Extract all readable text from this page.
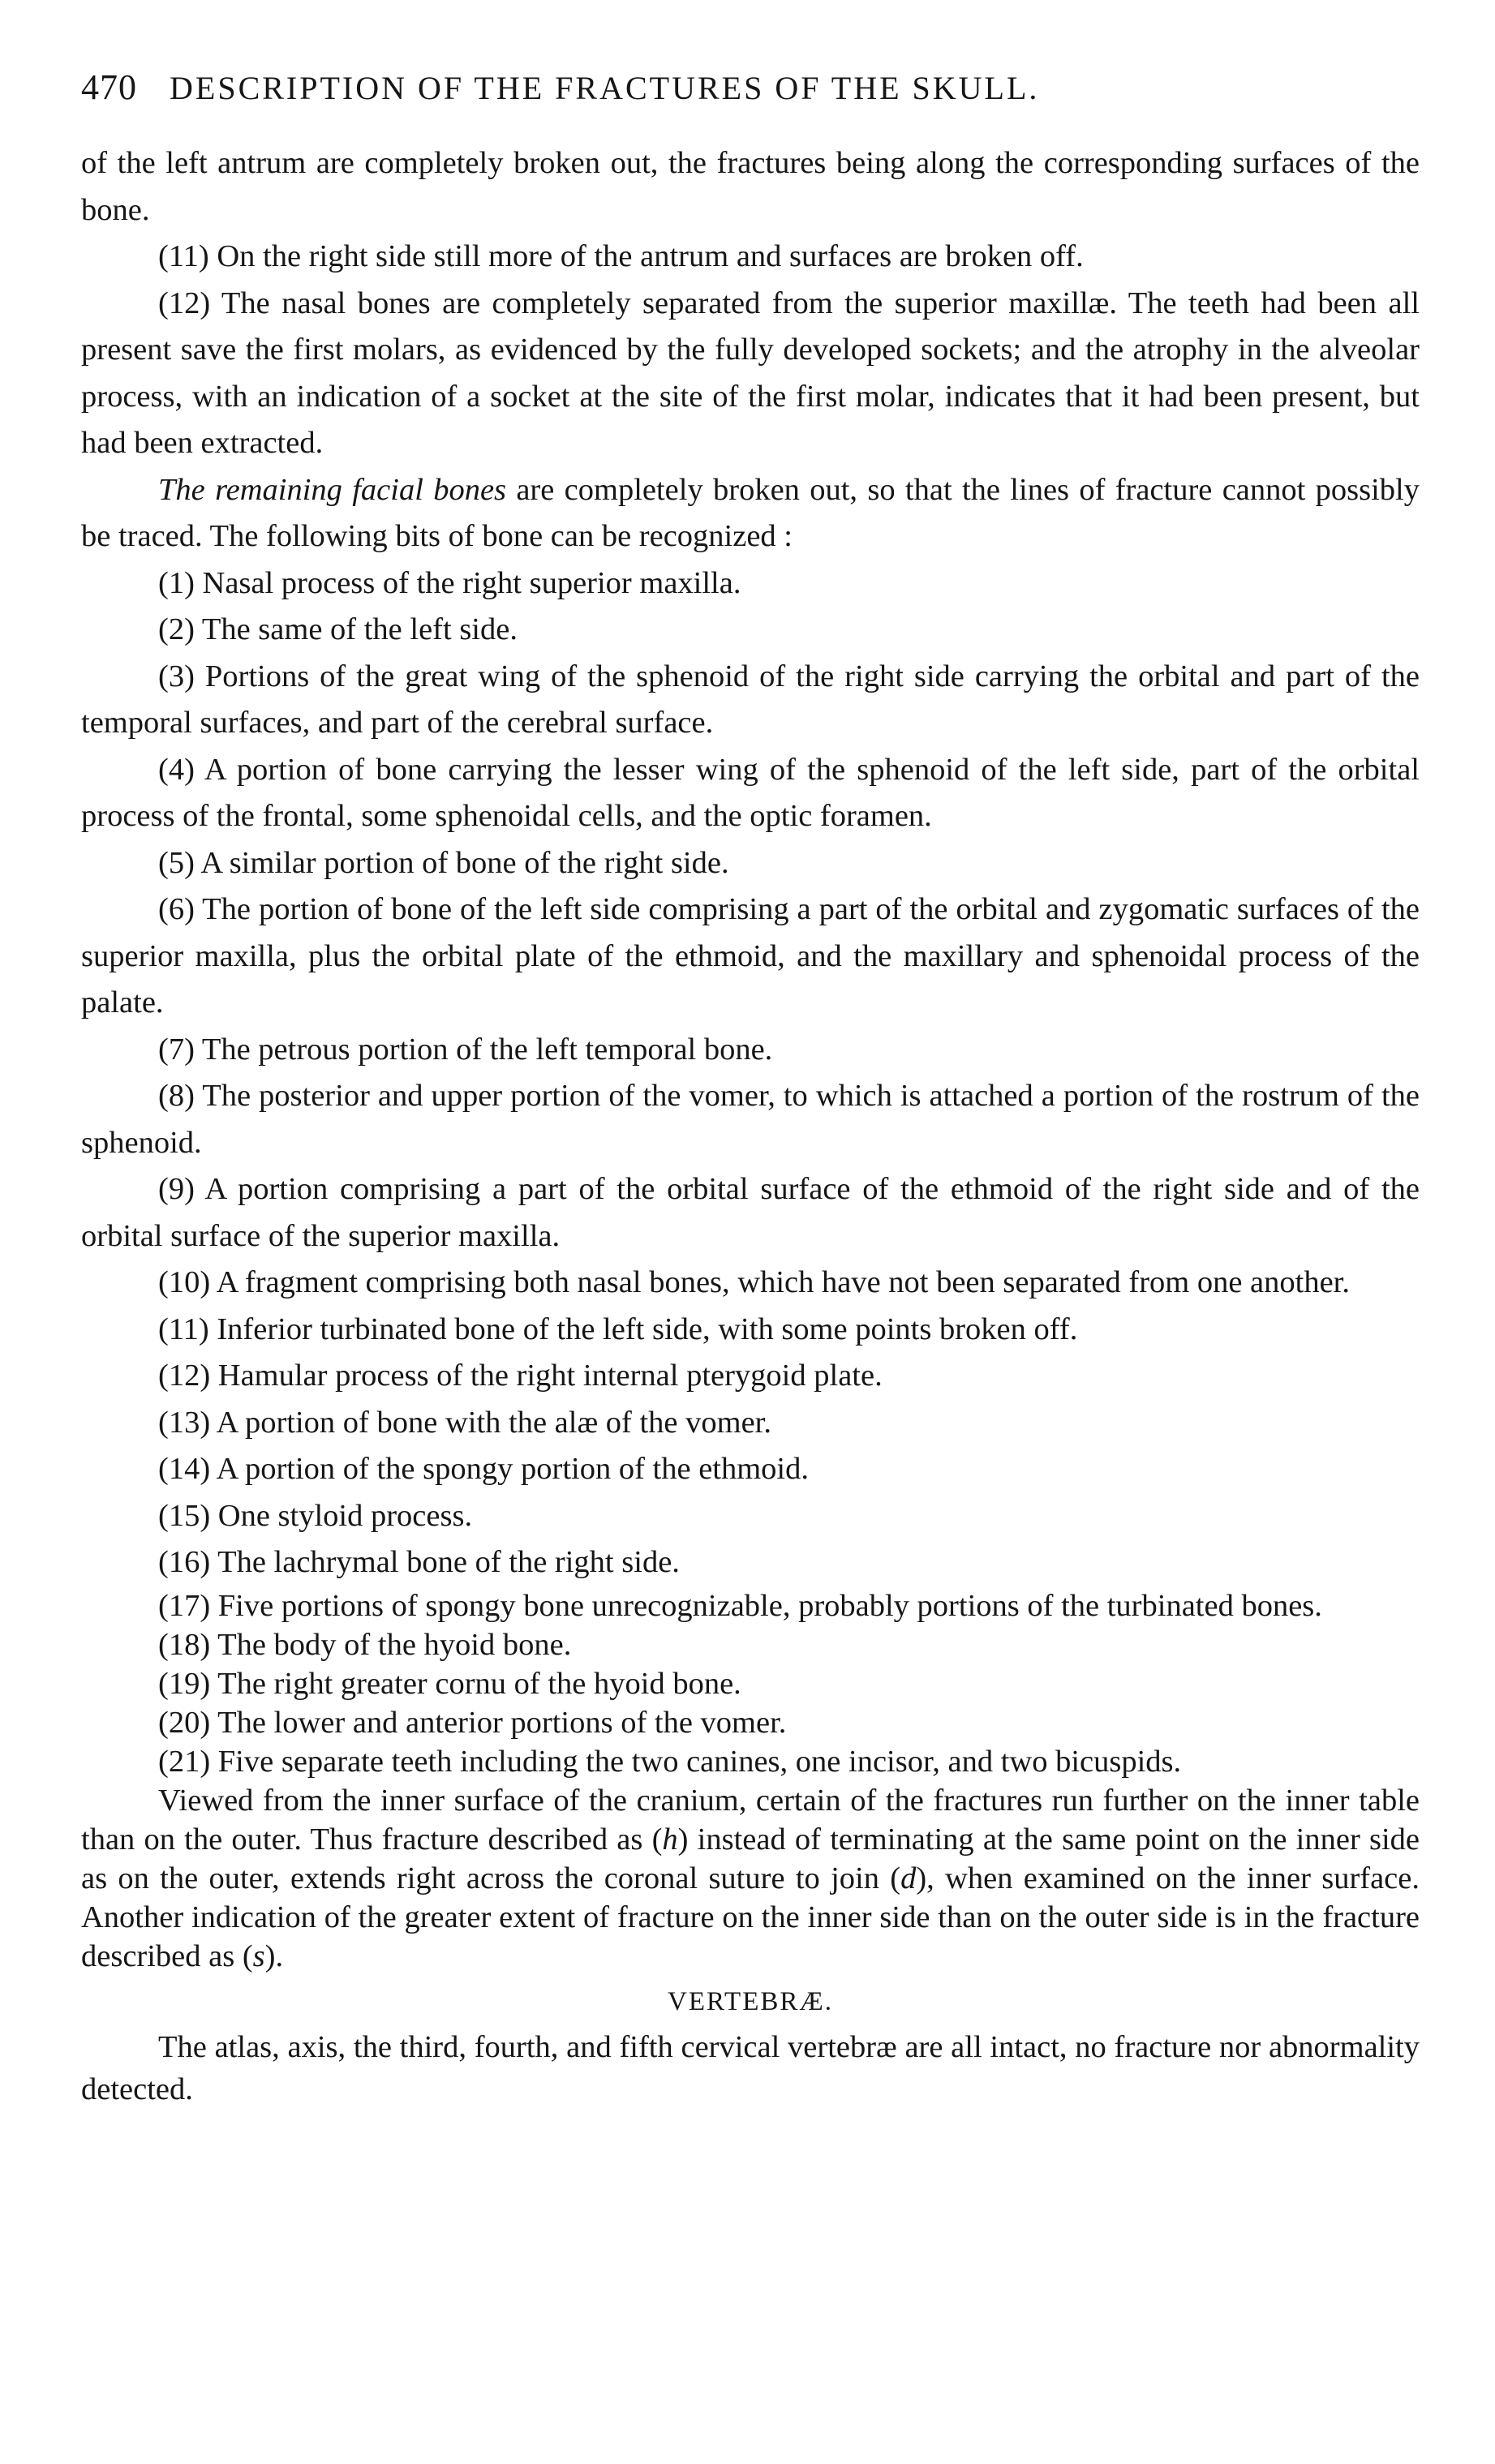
470 DESCRIPTION OF THE FRACTURES OF THE SKULL.

of the left antrum are completely broken out, the fractures being along the corresponding surfaces of the bone.

(11) On the right side still more of the antrum and surfaces are broken off.

(12) The nasal bones are completely separated from the superior maxillæ. The teeth had been all present save the first molars, as evidenced by the fully developed sockets; and the atrophy in the alveolar process, with an indication of a socket at the site of the first molar, indicates that it had been present, but had been extracted.

The remaining facial bones are completely broken out, so that the lines of fracture cannot possibly be traced. The following bits of bone can be recognized :

(1) Nasal process of the right superior maxilla.

(2) The same of the left side.

(3) Portions of the great wing of the sphenoid of the right side carrying the orbital and part of the temporal surfaces, and part of the cerebral surface.

(4) A portion of bone carrying the lesser wing of the sphenoid of the left side, part of the orbital process of the frontal, some sphenoidal cells, and the optic foramen.

(5) A similar portion of bone of the right side.

(6) The portion of bone of the left side comprising a part of the orbital and zygomatic surfaces of the superior maxilla, plus the orbital plate of the ethmoid, and the maxillary and sphenoidal process of the palate.

(7) The petrous portion of the left temporal bone.

(8) The posterior and upper portion of the vomer, to which is attached a portion of the rostrum of the sphenoid.

(9) A portion comprising a part of the orbital surface of the ethmoid of the right side and of the orbital surface of the superior maxilla.

(10) A fragment comprising both nasal bones, which have not been separated from one another.

(11) Inferior turbinated bone of the left side, with some points broken off.

(12) Hamular process of the right internal pterygoid plate.

(13) A portion of bone with the alæ of the vomer.

(14) A portion of the spongy portion of the ethmoid.

(15) One styloid process.

(16) The lachrymal bone of the right side.

(17) Five portions of spongy bone unrecognizable, probably portions of the turbinated bones.

(18) The body of the hyoid bone.

(19) The right greater cornu of the hyoid bone.

(20) The lower and anterior portions of the vomer.

(21) Five separate teeth including the two canines, one incisor, and two bicuspids.

Viewed from the inner surface of the cranium, certain of the fractures run further on the inner table than on the outer. Thus fracture described as (h) instead of terminating at the same point on the inner side as on the outer, extends right across the coronal suture to join (d), when examined on the inner surface. Another indication of the greater extent of fracture on the inner side than on the outer side is in the fracture described as (s).

VERTEBRÆ.

The atlas, axis, the third, fourth, and fifth cervical vertebræ are all intact, no fracture nor abnormality detected.
